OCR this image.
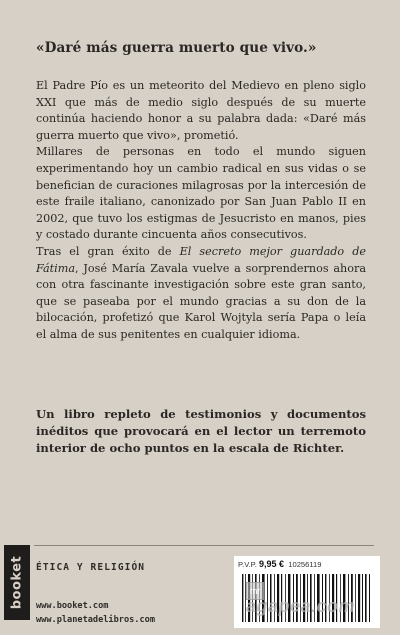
«Daré más guerra muerto que vivo.»

El Padre Pío es un meteorito del Medievo en pleno siglo XXI que más de medio siglo después de su muerte continúa haciendo honor a su palabra dada: «Daré más guerra muerto que vivo», prometió.

Millares de personas en todo el mundo siguen experimentando hoy un cambio radical en sus vidas o se benefician de curaciones milagrosas por la intercesión de este fraile italiano, canonizado por San Juan Pablo II en 2002, que tuvo los estigmas de Jesucristo en manos, pies y costado durante cincuenta años consecutivos.

Tras el gran éxito de El secreto mejor guardado de Fátima, José María Zavala vuelve a sorprendernos ahora con otra fascinante investigación sobre este gran santo, que se paseaba por el mundo gracias a su don de la bilocación, profetizó que Karol Wojtyla sería Papa o leía el alma de sus penitentes en cualquier idioma.

Un libro repleto de testimonios y documentos inéditos que provocará en el lector un terremoto interior de ocho puntos en la escala de Richter.
booket ÉTICA Y RELIGIÓN
www.booket.com
www.planetadelibros.com
P.V.P. 9,95 € 10256119
mr
agapea.com
